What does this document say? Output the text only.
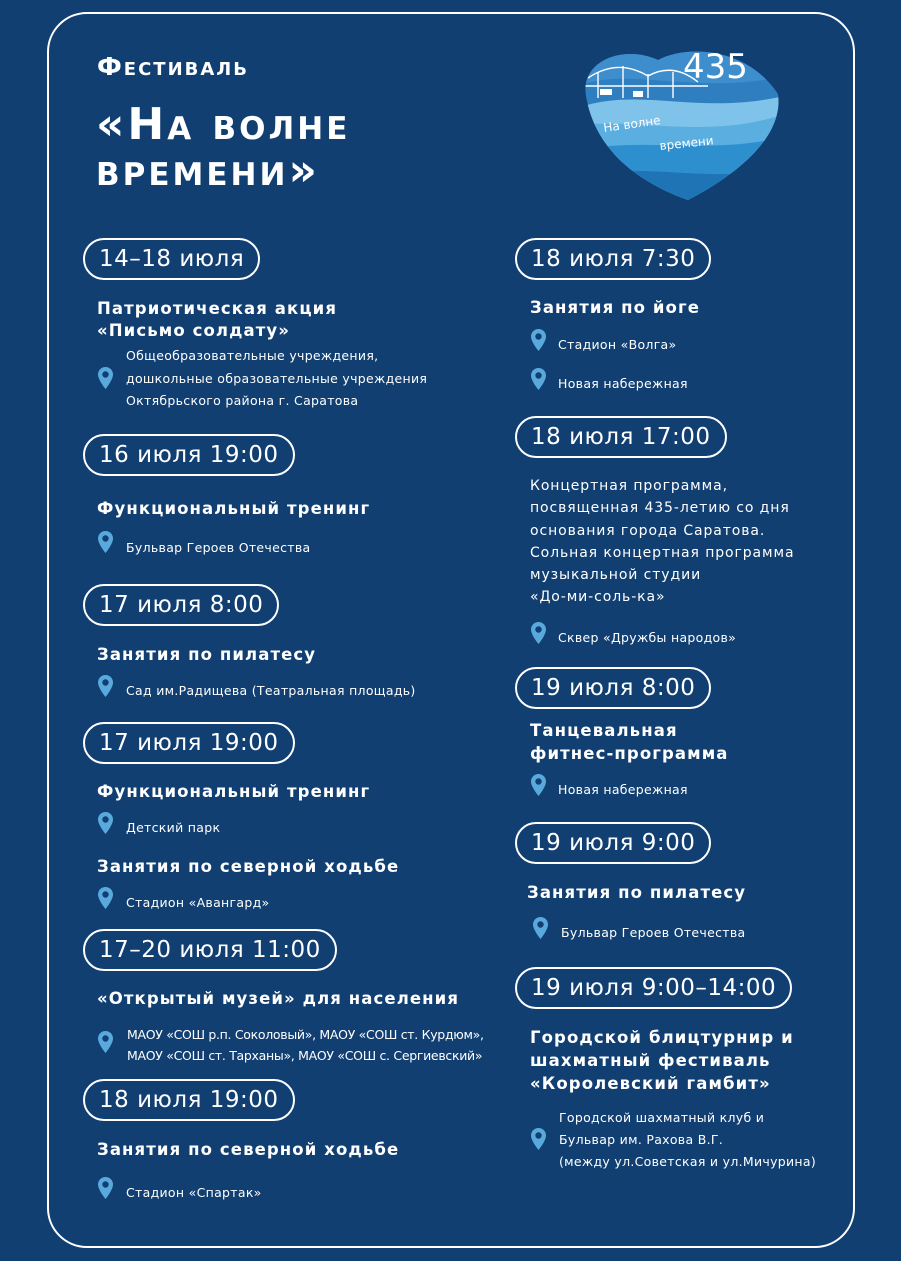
Фестиваль
«На волне
времени»
435
На волне
времени
14–18 июля
Патриотическая акция
«Письмо солдату»
Общеобразовательные учреждения,
дошкольные образовательные учреждения
Октябрьского района г. Саратова
16 июля 19:00
Функциональный тренинг
Бульвар Героев Отечества
17 июля 8:00
Занятия по пилатесу
Сад им.Радищева (Театральная площадь)
17 июля 19:00
Функциональный тренинг
Детский парк
Занятия по северной ходьбе
Стадион «Авангард»
17–20 июля 11:00
«Открытый музей» для населения
МАОУ «СОШ р.п. Соколовый», МАОУ «СОШ ст. Курдюм»,
МАОУ «СОШ ст. Тарханы», МАОУ «СОШ с. Сергиевский»
18 июля 19:00
Занятия по северной ходьбе
Стадион «Спартак»
18 июля 7:30
Занятия по йоге
Стадион «Волга»
Новая набережная
18 июля 17:00
Концертная программа,
посвященная 435-летию со дня
основания города Саратова.
Сольная концертная программа
музыкальной студии
«До-ми-соль-ка»
Сквер «Дружбы народов»
19 июля 8:00
Танцевальная
фитнес-программа
Новая набережная
19 июля 9:00
Занятия по пилатесу
Бульвар Героев Отечества
19 июля 9:00–14:00
Городской блицтурнир и
шахматный фестиваль
«Королевский гамбит»
Городской шахматный клуб и
Бульвар им. Рахова В.Г.
(между ул.Советская и ул.Мичурина)
